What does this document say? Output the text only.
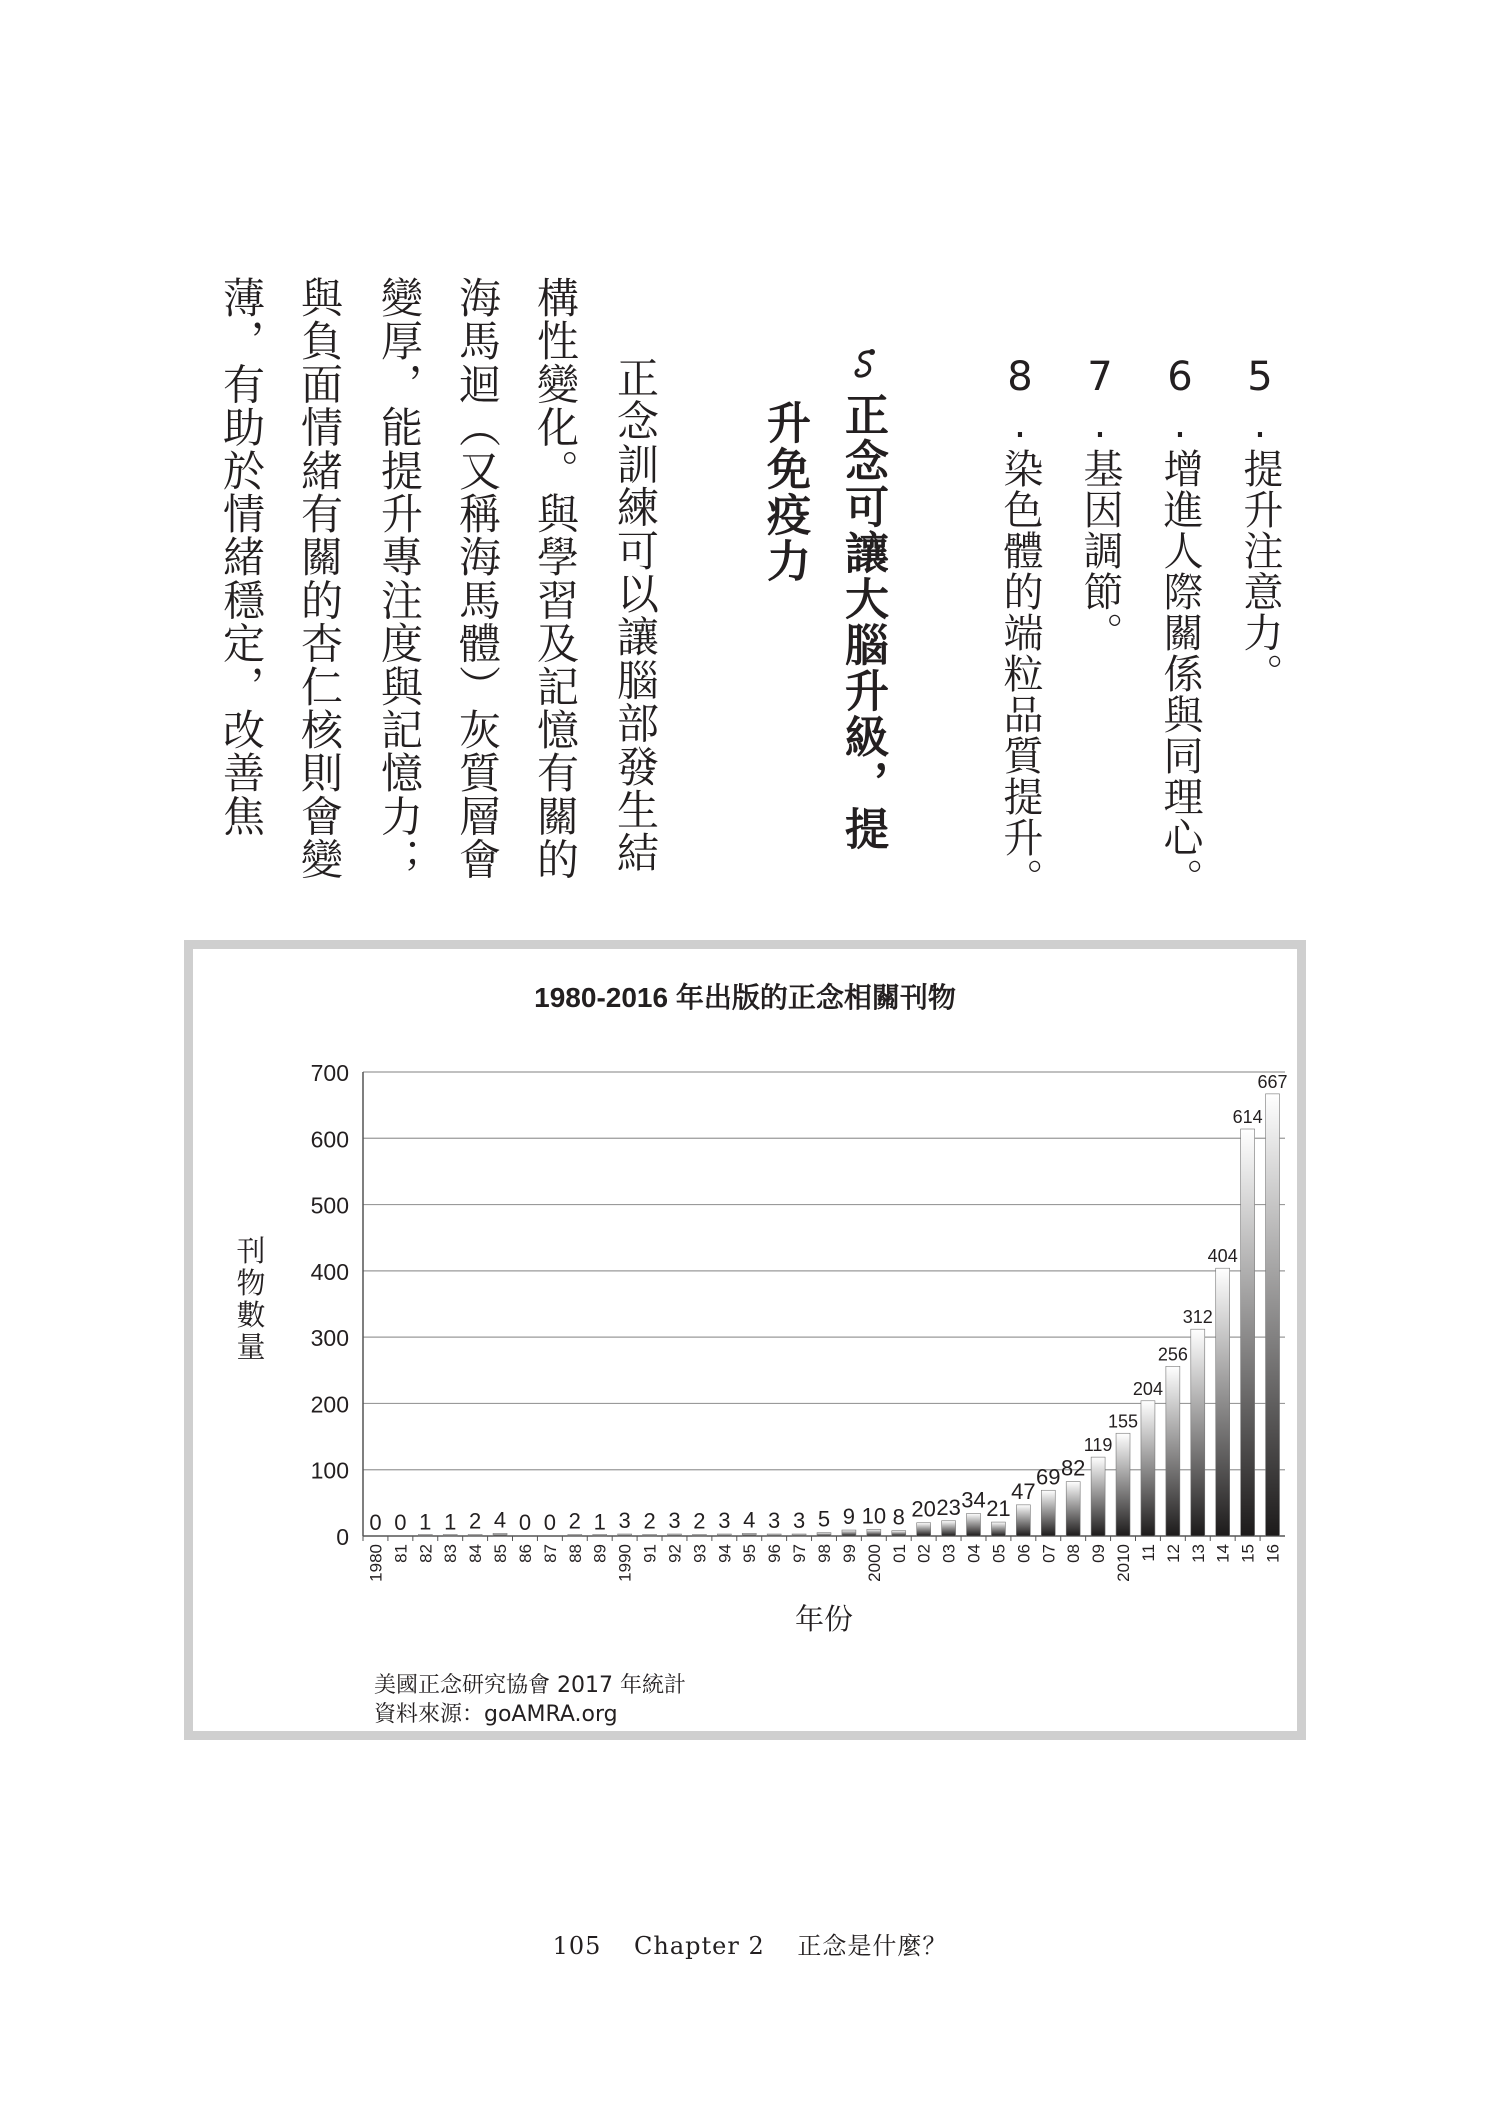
5.提升注意力。
6.增進人際關係與同理心。
7.基因調節。
8.染色體的端粒品質提升。
正念可讓大腦升級，提
升免疫力
正念訓練可以讓腦部發生結
構性變化。與學習及記憶有關的
海馬迴（又稱海馬體）灰質層會
變厚，能提升專注度與記憶力；
與負面情緒有關的杏仁核則會變
薄，有助於情緒穩定，改善焦
1980-2016 年出版的正念相關刊物
0
100
200
300
400
500
600
700
刊物數量
0
1980
0
81
1
82
1
83
2
84
4
85
0
86
0
87
2
88
1
89
3
1990
2
91
3
92
2
93
3
94
4
95
3
96
3
97
5
98
9
99
10
2000
8
01
20
02
23
03
34
04
21
05
47
06
69
07
82
08
119
09
155
2010
204
11
256
12
312
13
404
14
614
15
667
16
年份
美國正念研究協會 2017 年統計
資料來源：goAMRA.org
105 Chapter 2 正念是什麼？
